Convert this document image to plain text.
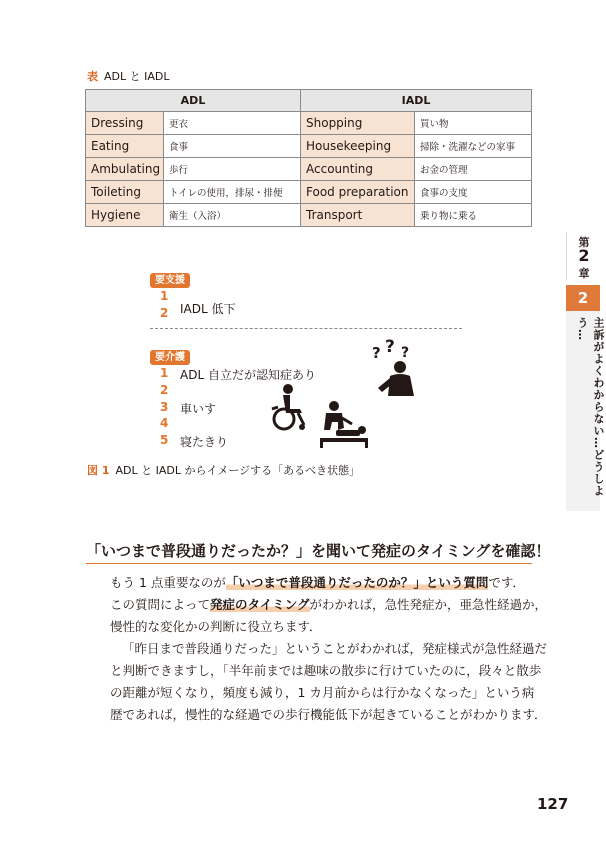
表 ADL と IADL
ADL		IADL	
Dressing	更衣	Shopping	買い物
Eating	食事	Housekeeping	掃除・洗濯などの家事
Ambulating	歩行	Accounting	お金の管理
Toileting	トイレの使用，排尿・排便	Food preparation	食事の支度
Hygiene	衛生（入浴）	Transport	乗り物に乗る
第
2
章
2
主訴がよくわからない…どうしよう…
要支援
1
2 IADL 低下
要介護
1 ADL 自立だが認知症あり
2
3 車いす
4
5 寝たきり
? ? ?
図 1 ADL と IADL からイメージする「あるべき状態」
「いつまで普段通りだったか？」を聞いて発症のタイミングを確認！
もう 1 点重要なのが「いつまで普段通りだったのか？」という質問です．
この質問によって発症のタイミングがわかれば，急性発症か，亜急性経過か，
慢性的な変化かの判断に役立ちます．
「昨日まで普段通りだった」ということがわかれば，発症様式が急性経過だ
と判断できますし，「半年前までは趣味の散歩に行けていたのに，段々と散歩
の距離が短くなり，頻度も減り，1 カ月前からは行かなくなった」という病
歴であれば，慢性的な経過での歩行機能低下が起きていることがわかります．
127
